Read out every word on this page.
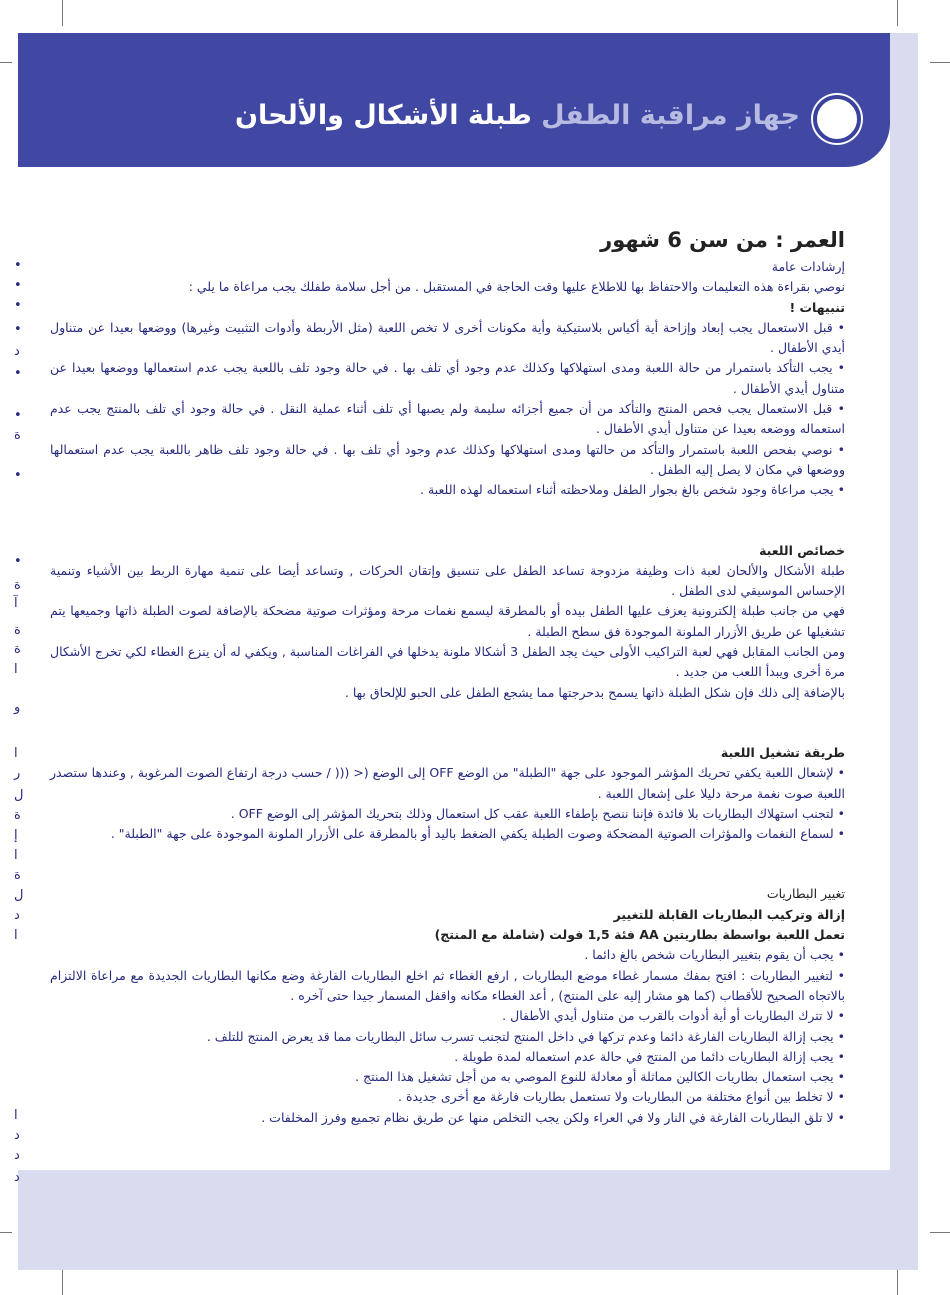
جهاز مراقبة الطفل طبلة الأشكال والألحان
•
•
•
•
د
•
•
ة
•
•
ة
آ
ة
ة
ا
و
ا
ر
ل
ة
إ
ا
ة
ل
د
ا
ا
د
د
د
العمر : من سن 6 شهور

إرشادات عامة

نوصي بقراءة هذه التعليمات والاحتفاظ بها للاطلاع عليها وقت الحاجة في المستقبل . من أجل سلامة طفلك يجب مراعاة ما يلي :

تنبيهات !

• قبل الاستعمال يجب إبعاد وإزاحة أية أكياس بلاستيكية وأية مكونات أخرى لا تخص اللعبة (مثل الأربطة وأدوات التثبيت وغيرها) ووضعها بعيدا عن متناول أيدي الأطفال .

• يجب التأكد باستمرار من حالة اللعبة ومدى استهلاكها وكذلك عدم وجود أي تلف بها . في حالة وجود تلف باللعبة يجب عدم استعمالها ووضعها بعيدا عن متناول أيدي الأطفال .

• قبل الاستعمال يجب فحص المنتج والتأكد من أن جميع أجزائه سليمة ولم يصبها أي تلف أثناء عملية النقل . في حالة وجود أي تلف بالمنتج يجب عدم استعماله ووضعه بعيدا عن متناول أيدي الأطفال .

• نوصي بفحص اللعبة باستمرار والتأكد من حالتها ومدى استهلاكها وكذلك عدم وجود أي تلف بها . في حالة وجود تلف ظاهر باللعبة يجب عدم استعمالها ووضعها في مكان لا يصل إليه الطفل .

• يجب مراعاة وجود شخص بالغ بجوار الطفل وملاحظته أثناء استعماله لهذه اللعبة .

خصائص اللعبة

طبلة الأشكال والألحان لعبة ذات وظيفة مزدوجة تساعد الطفل على تنسيق وإتقان الحركات , وتساعد أيضا على تنمية مهارة الربط بين الأشياء وتنمية الإحساس الموسيقي لدى الطفل .

فهي من جانب طبلة إلكترونية يعزف عليها الطفل بيده أو بالمطرقة ليسمع نغمات مرحة ومؤثرات صوتية مضحكة بالإضافة لصوت الطبلة ذاتها وجميعها يتم تشغيلها عن طريق الأزرار الملونة الموجودة فق سطح الطبلة .

ومن الجانب المقابل فهي لعبة التراكيب الأولى حيث يجد الطفل 3 أشكالا ملونة يدخلها في الفراغات المناسبة , ويكفي له أن ينزع الغطاء لكي تخرج الأشكال مرة أخرى ويبدأ اللعب من جديد .

بالإضافة إلى ذلك فإن شكل الطبلة ذاتها يسمح بدحرجتها مما يشجع الطفل على الحبو للإلحاق بها .

طريقة تشغيل اللعبة

• لإشعال اللعبة يكفي تحريك المؤشر الموجود على جهة "الطبلة" من الوضع OFF إلى الوضع (< ((( / حسب درجة ارتفاع الصوت المرغوبة , وعندها ستصدر اللعبة صوت نغمة مرحة دليلا على إشعال اللعبة .

• لتجنب استهلاك البطاريات بلا فائدة فإننا ننصح بإطفاء اللعبة عقب كل استعمال وذلك بتحريك المؤشر إلى الوضع OFF .

• لسماع النغمات والمؤثرات الصوتية المضحكة وصوت الطبلة يكفي الضغط باليد أو بالمطرقة على الأزرار الملونة الموجودة على جهة "الطبلة" .

تغيير البطاريات

إزالة وتركيب البطاريات القابلة للتغيير

تعمل اللعبة بواسطة بطاريتين AA فئة 1,5 فولت (شاملة مع المنتج)

• يجب أن يقوم بتغيير البطاريات شخص بالغ دائما .

• لتغيير البطاريات : افتح بمفك مسمار غطاء موضع البطاريات , ارفع الغطاء ثم اخلع البطاريات الفارغة وضع مكانها البطاريات الجديدة مع مراعاة الالتزام بالاتجاه الصحيح للأقطاب (كما هو مشار إليه على المنتج) , أعد الغطاء مكانه واقفل المسمار جيدا حتى آخره .

• لا تترك البطاريات أو أية أدوات بالقرب من متناول أيدي الأطفال .

• يجب إزالة البطاريات الفارغة دائما وعدم تركها في داخل المنتج لتجنب تسرب سائل البطاريات مما قد يعرض المنتج للتلف .

• يجب إزالة البطاريات دائما من المنتج في حالة عدم استعماله لمدة طويلة .

• يجب استعمال بطاريات الكالين مماثلة أو معادلة للنوع الموصي به من أجل تشغيل هذا المنتج .

• لا تخلط بين أنواع مختلفة من البطاريات ولا تستعمل بطاريات فارغة مع أخرى جديدة .

• لا تلق البطاريات الفارغة في النار ولا في العراء ولكن يجب التخلص منها عن طريق نظام تجميع وفرز المخلفات .
